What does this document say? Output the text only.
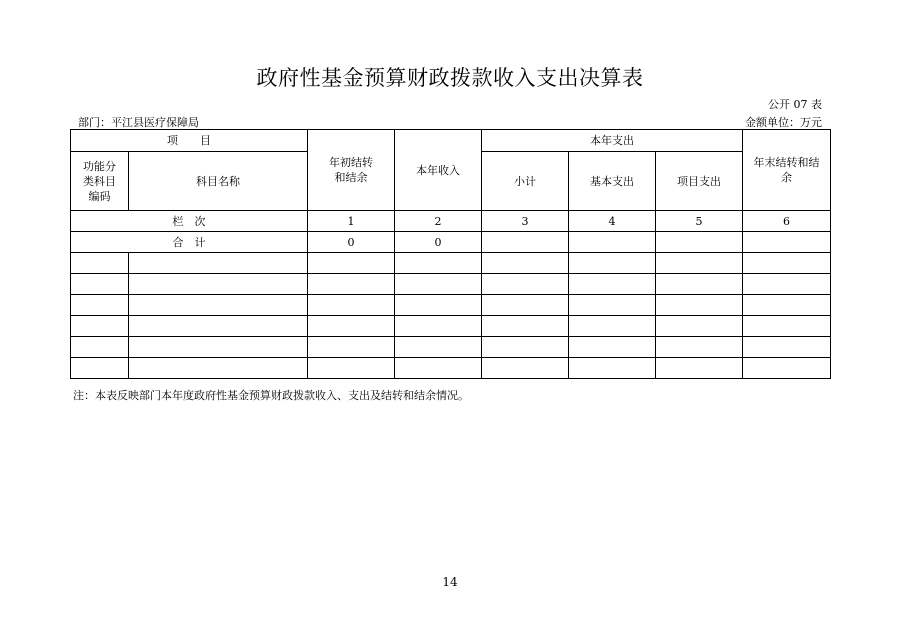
政府性基金预算财政拨款收入支出决算表
公开 07 表
部门：平江县医疗保障局	金额单位：万元
项　　目		年初结转和结余	本年收入	本年支出			年末结转和结余

功能分类科目编码	科目名称			小计	基本支出	项目支出	
栏　次		1	2	3	4	5	6
合　计		0	0				

注：本表反映部门本年度政府性基金预算财政拨款收入、支出及结转和结余情况。
14
